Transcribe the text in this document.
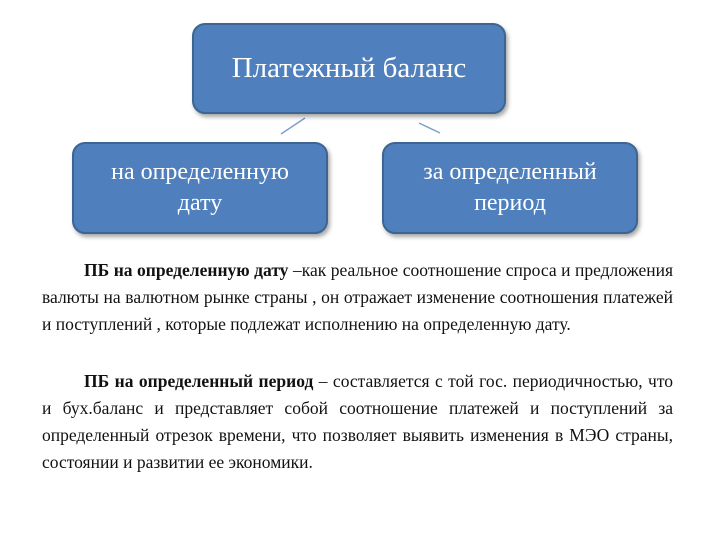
Платежный баланс
на определенную
дату
за определенный
период
ПБ на определенную дату –как реальное соотношение спроса и предложения валюты на валютном рынке страны , он отражает изменение соотношения платежей и поступлений , которые подлежат исполнению на определенную дату.
ПБ на определенный период – составляется с той гос. периодичностью, что и бух.баланс и представляет собой соотношение платежей и поступлений за определенный отрезок времени, что позволяет выявить изменения в МЭО страны, состоянии и развитии ее экономики.
